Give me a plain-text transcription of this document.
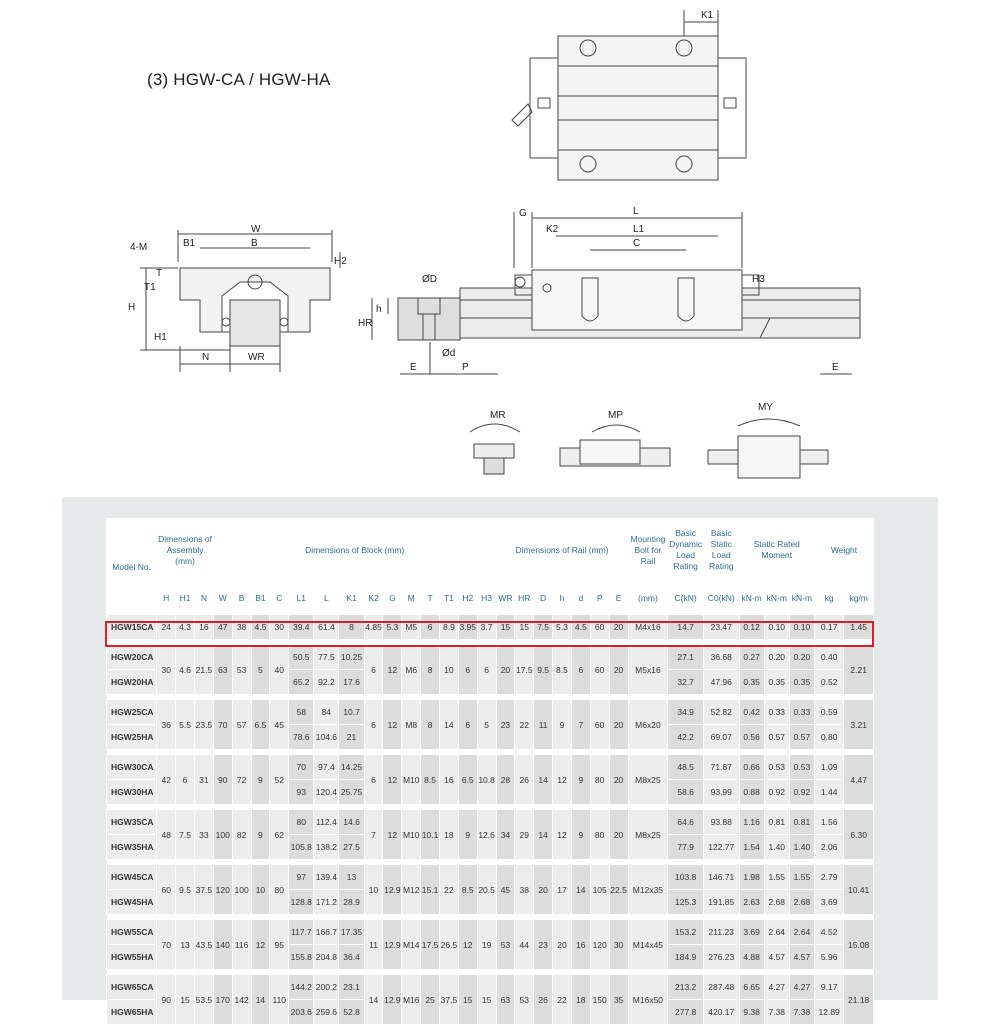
(3) HGW-CA / HGW-HA
K1
W
B
B1
4-M
T
T1
H2
H
H1
N	WR
G	L
L1
K2
C
H3
ØD
h
HR
Ød
E	P	E
MR	MP
MY
Model No.	Dimensions of Assembly (mm)			Dimensions of Block (mm)														Dimensions of Rail (mm)							Mounting Bolt for Rail	Basic Dynamic Load Rating	Basic Static Load Rating	Static Rated Moment			Weight	
	H	H1	N	W	B	B1	C	L1	L	K1	K2	G	M	T	T1	H2	H3	WR	HR	D	h	d	P	E	(mm)	C(kN)	C0(kN)	kN-m	kN-m	kN-m	kg	kg/m
HGW15CA	24	4.3	16	47	38	4.5	30	39.4	61.4	8	4.85	5.3	M5	6	8.9	3.95	3.7	15	15	7.5	5.3	4.5	60	20	M4x16	14.7	23.47	0.12	0.10	0.10	0.17	1.45

HGW20CA	30	4.6	21.5	63	53	5	40	50.5	77.5	10.25	6	12	M6	8	10	6	6	20	17.5	9.5	8.5	6	60	20	M5x16	27.1	36.68	0.27	0.20	0.20	0.40	2.21
HGW20HA								65.2	92.2	17.6																32.7	47.96	0.35	0.35	0.35	0.52	

HGW25CA	36	5.5	23.5	70	57	6.5	45	58	84	10.7	6	12	M8	8	14	6	5	23	22	11	9	7	60	20	M6x20	34.9	52.82	0.42	0.33	0.33	0.59	3.21
HGW25HA								78.6	104.6	21																42.2	69.07	0.56	0.57	0.57	0.80	

HGW30CA	42	6	31	90	72	9	52	70	97.4	14.25	6	12	M10	8.5	16	6.5	10.8	28	26	14	12	9	80	20	M8x25	48.5	71.87	0.66	0.53	0.53	1.09	4.47
HGW30HA								93	120.4	25.75																58.6	93.99	0.88	0.92	0.92	1.44	

HGW35CA	48	7.5	33	100	82	9	62	80	112.4	14.6	7	12	M10	10.1	18	9	12.6	34	29	14	12	9	80	20	M8x25	64.6	93.88	1.16	0.81	0.81	1.56	6.30
HGW35HA								105.8	138.2	27.5																77.9	122.77	1.54	1.40	1.40	2.06	

HGW45CA	60	9.5	37.5	120	100	10	80	97	139.4	13	10	12.9	M12	15.1	22	8.5	20.5	45	38	20	17	14	105	22.5	M12x35	103.8	146.71	1.98	1.55	1.55	2.79	10.41
HGW45HA								128.8	171.2	28.9																125.3	191.85	2.63	2.68	2.68	3.69	

HGW55CA	70	13	43.5	140	116	12	95	117.7	166.7	17.35	11	12.9	M14	17.5	26.5	12	19	53	44	23	20	16	120	30	M14x45	153.2	211.23	3.69	2.64	2.64	4.52	15.08
HGW55HA								155.8	204.8	36.4																184.9	276.23	4.88	4.57	4.57	5.96	

HGW65CA	90	15	53.5	170	142	14	110	144.2	200.2	23.1	14	12.9	M16	25	37.5	15	15	63	53	26	22	18	150	35	M16x50	213.2	287.48	6.65	4.27	4.27	9.17	21.18
HGW65HA								203.6	259.6	52.8																277.8	420.17	9.38	7.38	7.38	12.89	
